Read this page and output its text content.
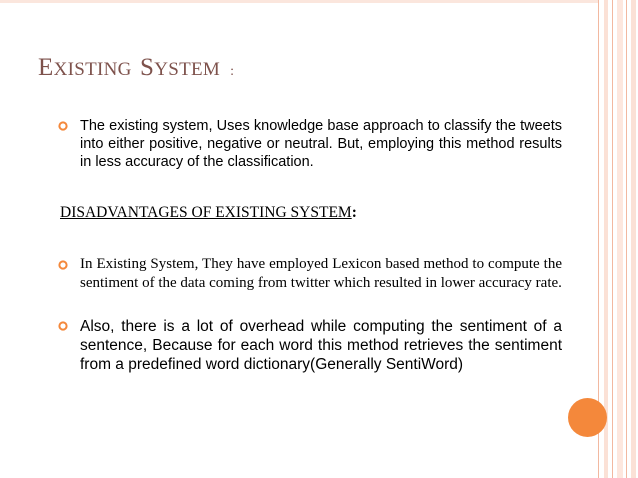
EXISTING SYSTEM :

The existing system, Uses knowledge base approach to classify the tweets into either positive, negative or neutral. But, employing this method results in less accuracy of the classification.

DISADVANTAGES OF EXISTING SYSTEM:

In Existing System, They have employed Lexicon based method to compute the sentiment of the data coming from twitter which resulted in lower accuracy rate.

Also, there is a lot of overhead while computing the sentiment of a sentence, Because for each word this method retrieves the sentiment from a predefined word dictionary(Generally SentiWord)
